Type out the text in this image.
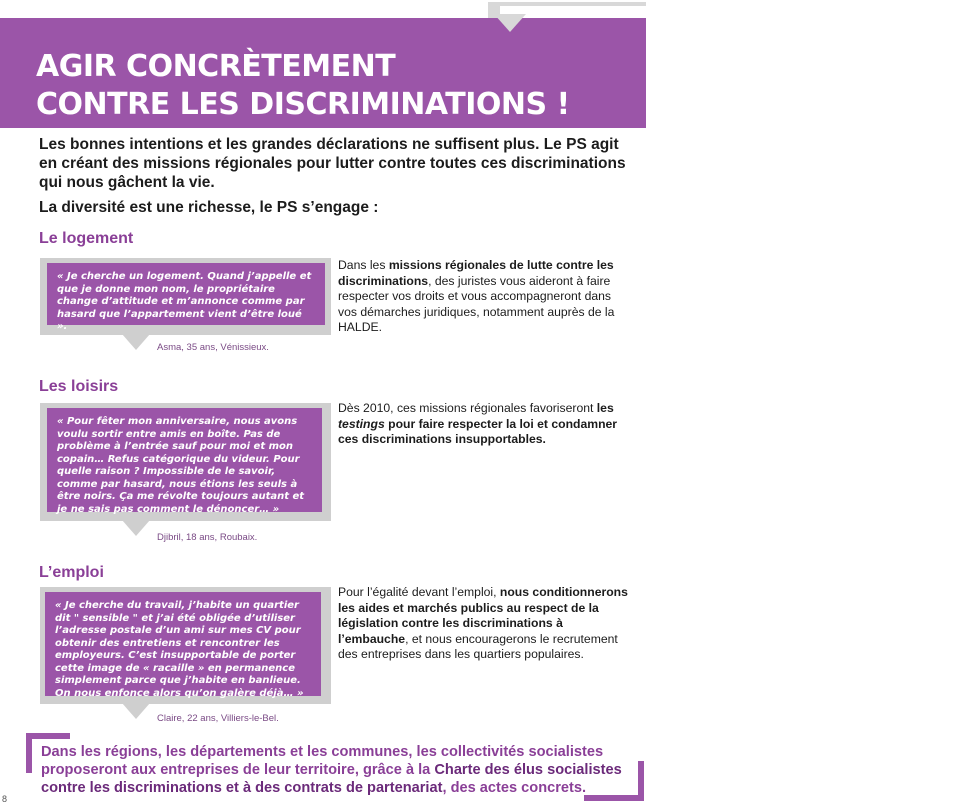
AGIR CONCRÈTEMENT
CONTRE LES DISCRIMINATIONS !

Les bonnes intentions et les grandes déclarations ne suffisent plus. Le PS agit en créant des missions régionales pour lutter contre toutes ces discriminations qui nous gâchent la vie.

La diversité est une richesse, le PS s’engage :

Le logement
« Je cherche un logement. Quand j’appelle et que je donne mon nom, le propriétaire change d’attitude et m’annonce comme par hasard que l’appartement vient d’être loué ».

Asma, 35 ans, Vénissieux.

Dans les missions régionales de lutte contre les discriminations, des juristes vous aideront à faire respecter vos droits et vous accompagneront dans vos démarches juridiques, notamment auprès de la HALDE.

Les loisirs
« Pour fêter mon anniversaire, nous avons voulu sortir entre amis en boîte. Pas de problème à l’entrée sauf pour moi et mon copain… Refus catégorique du videur. Pour quelle raison ? Impossible de le savoir, comme par hasard, nous étions les seuls à être noirs. Ça me révolte toujours autant et je ne sais pas comment le dénoncer… »

Djibril, 18 ans, Roubaix.

Dès 2010, ces missions régionales favoriseront les testings pour faire respecter la loi et condamner ces discriminations insupportables.

L’emploi
« Je cherche du travail, j’habite un quartier dit " sensible " et j’ai été obligée d’utiliser l’adresse postale d’un ami sur mes CV pour obtenir des entretiens et rencontrer les employeurs. C’est insupportable de porter cette image de « racaille » en permanence simplement parce que j’habite en banlieue. On nous enfonce alors qu’on galère déjà… »

Claire, 22 ans, Villiers-le-Bel.

Pour l’égalité devant l’emploi, nous conditionnerons les aides et marchés publics au respect de la législation contre les discriminations à l’embauche, et nous encouragerons le recrutement des entreprises dans les quartiers populaires.

Dans les régions, les départements et les communes, les collectivités socialistes proposeront aux entreprises de leur territoire, grâce à la Charte des élus socialistes contre les discriminations et à des contrats de partenariat, des actes concrets.

8
